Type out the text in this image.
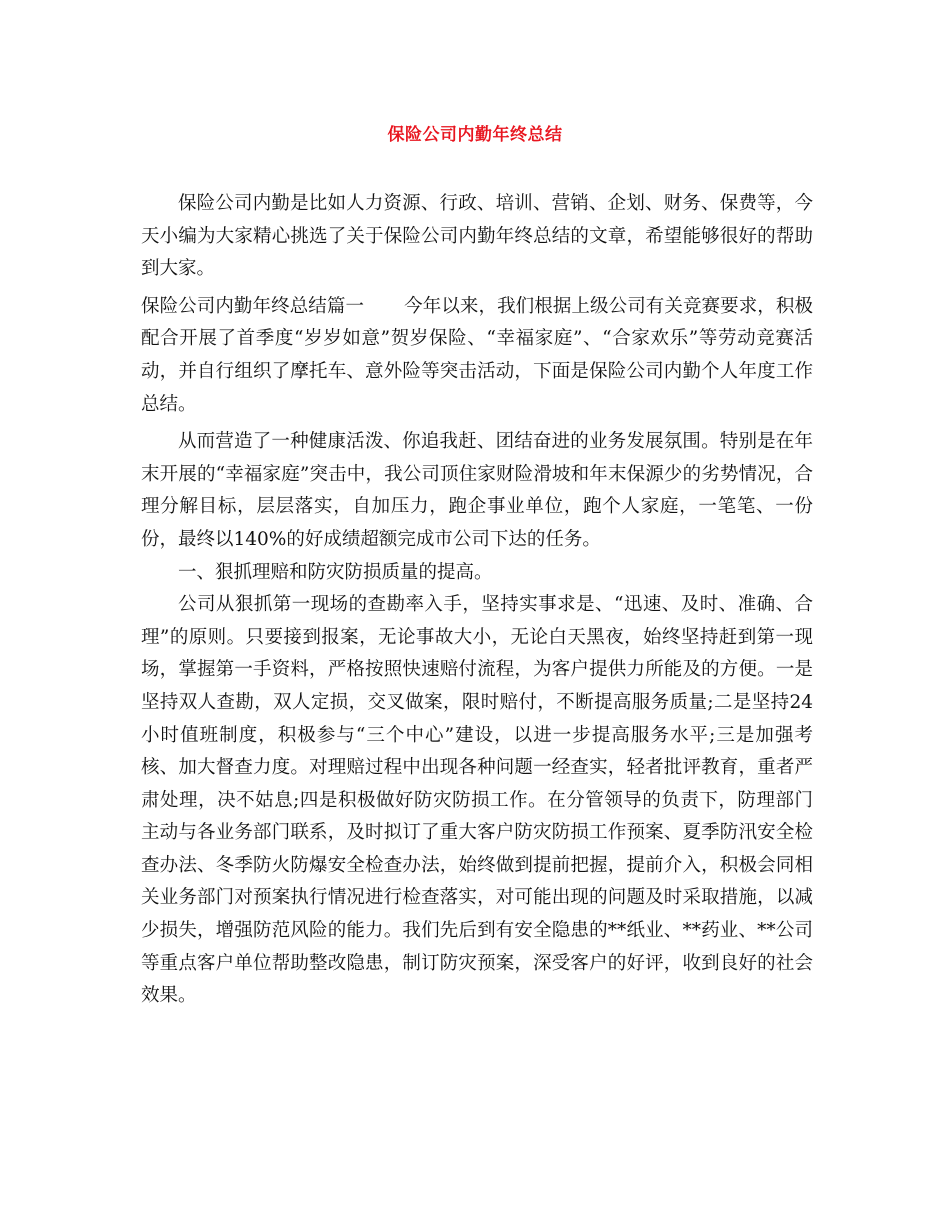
保险公司内勤年终总结

保险公司内勤是比如人力资源、行政、培训、营销、企划、财务、保费等，今天小编为大家精心挑选了关于保险公司内勤年终总结的文章，希望能够很好的帮助到大家。

保险公司内勤年终总结篇一 今年以来，我们根据上级公司有关竞赛要求，积极配合开展了首季度“岁岁如意”贺岁保险、“幸福家庭”、“合家欢乐”等劳动竞赛活动，并自行组织了摩托车、意外险等突击活动，下面是保险公司内勤个人年度工作总结。

从而营造了一种健康活泼、你追我赶、团结奋进的业务发展氛围。特别是在年末开展的“幸福家庭”突击中，我公司顶住家财险滑坡和年末保源少的劣势情况，合理分解目标，层层落实，自加压力，跑企事业单位，跑个人家庭，一笔笔、一份份，最终以140%的好成绩超额完成市公司下达的任务。

一、狠抓理赔和防灾防损质量的提高。

公司从狠抓第一现场的查勘率入手，坚持实事求是、“迅速、及时、准确、合理”的原则。只要接到报案，无论事故大小，无论白天黑夜，始终坚持赶到第一现场，掌握第一手资料，严格按照快速赔付流程，为客户提供力所能及的方便。一是坚持双人查勘，双人定损，交叉做案，限时赔付，不断提高服务质量;二是坚持24小时值班制度，积极参与“三个中心”建设，以进一步提高服务水平;三是加强考核、加大督查力度。对理赔过程中出现各种问题一经查实，轻者批评教育，重者严肃处理，决不姑息;四是积极做好防灾防损工作。在分管领导的负责下，防理部门主动与各业务部门联系，及时拟订了重大客户防灾防损工作预案、夏季防汛安全检查办法、冬季防火防爆安全检查办法，始终做到提前把握，提前介入，积极会同相关业务部门对预案执行情况进行检查落实，对可能出现的问题及时采取措施，以减少损失，增强防范风险的能力。我们先后到有安全隐患的**纸业、**药业、**公司等重点客户单位帮助整改隐患，制订防灾预案，深受客户的好评，收到良好的社会效果。
